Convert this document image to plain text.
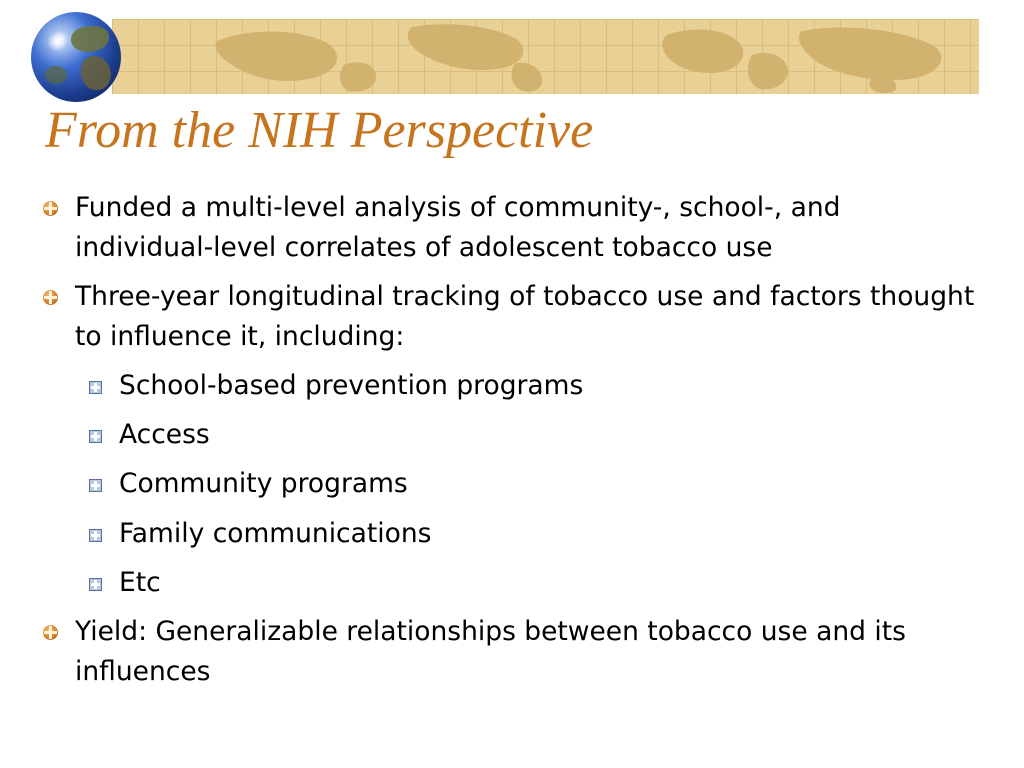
From the NIH Perspective
Funded a multi-level analysis of community-, school-, and individual-level correlates of adolescent tobacco use
Three-year longitudinal tracking of tobacco use and factors thought to influence it, including:
School-based prevention programs
Access
Community programs
Family communications
Etc
Yield: Generalizable relationships between tobacco use and its influences
